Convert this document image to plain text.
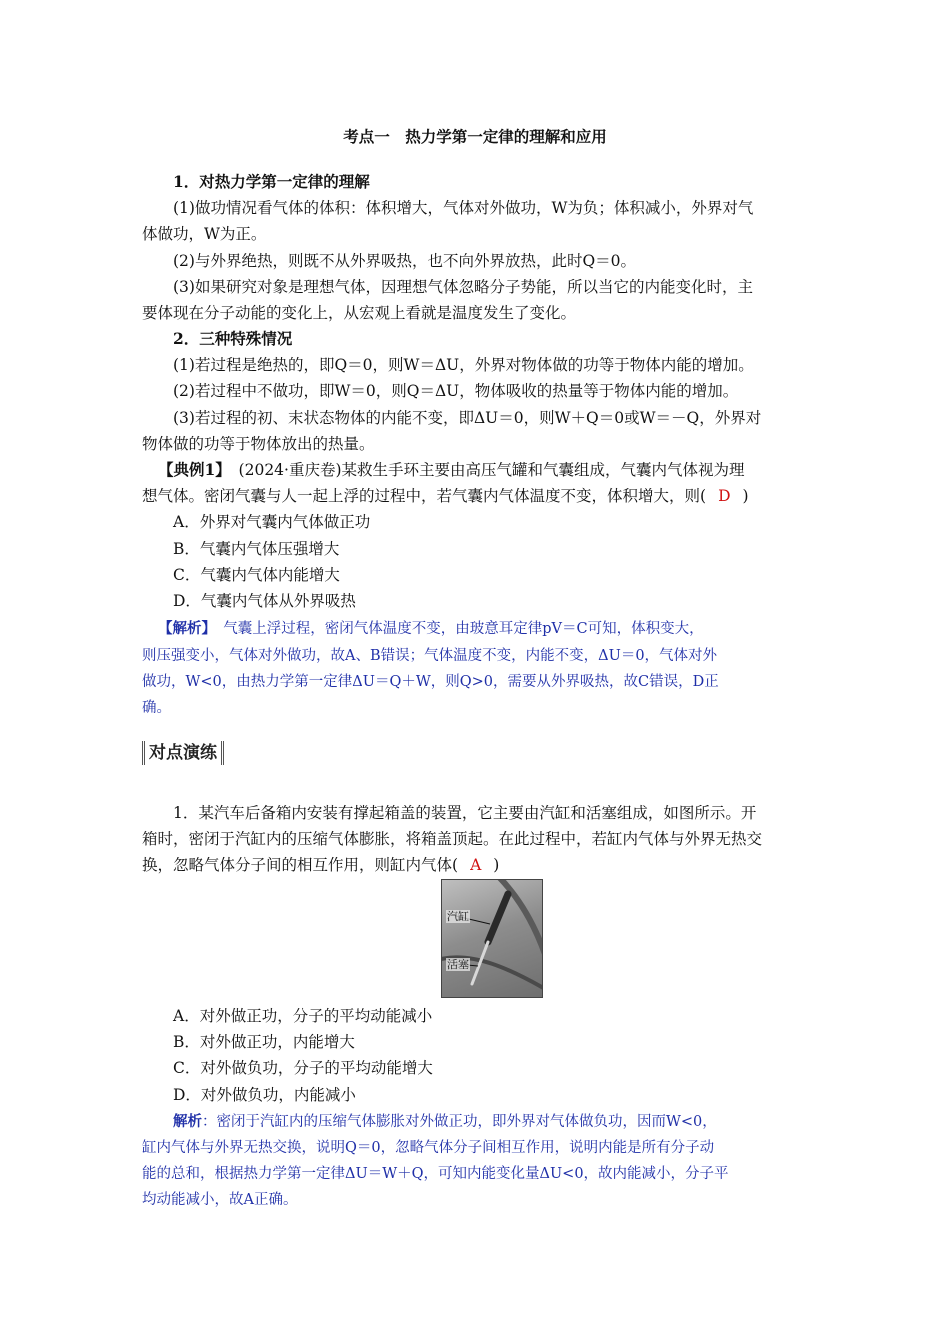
考点一　热力学第一定律的理解和应用
1．对热力学第一定律的理解
(1)做功情况看气体的体积：体积增大，气体对外做功，W为负；体积减小，外界对气
体做功，W为正。
(2)与外界绝热，则既不从外界吸热，也不向外界放热，此时Q＝0。
(3)如果研究对象是理想气体，因理想气体忽略分子势能，所以当它的内能变化时，主
要体现在分子动能的变化上，从宏观上看就是温度发生了变化。
2．三种特殊情况
(1)若过程是绝热的，即Q＝0，则W＝ΔU，外界对物体做的功等于物体内能的增加。
(2)若过程中不做功，即W＝0，则Q＝ΔU，物体吸收的热量等于物体内能的增加。
(3)若过程的初、末状态物体的内能不变，即ΔU＝0，则W＋Q＝0或W＝－Q，外界对
物体做的功等于物体放出的热量。
【典例1】　(2024·重庆卷)某救生手环主要由高压气罐和气囊组成，气囊内气体视为理
想气体。密闭气囊与人一起上浮的过程中，若气囊内气体温度不变，体积增大，则( D )
A．外界对气囊内气体做正功
B．气囊内气体压强增大
C．气囊内气体内能增大
D．气囊内气体从外界吸热
【解析】　气囊上浮过程，密闭气体温度不变，由玻意耳定律pV＝C可知，体积变大，
则压强变小，气体对外做功，故A、B错误；气体温度不变，内能不变，ΔU＝0，气体对外
做功，W<0，由热力学第一定律ΔU＝Q＋W，则Q>0，需要从外界吸热，故C错误，D正
确。
对点演练
1．某汽车后备箱内安装有撑起箱盖的装置，它主要由汽缸和活塞组成，如图所示。开
箱时，密闭于汽缸内的压缩气体膨胀，将箱盖顶起。在此过程中，若缸内气体与外界无热交
换，忽略气体分子间的相互作用，则缸内气体( A )
汽缸
活塞
A．对外做正功，分子的平均动能减小
B．对外做正功，内能增大
C．对外做负功，分子的平均动能增大
D．对外做负功，内能减小
解析：密闭于汽缸内的压缩气体膨胀对外做正功，即外界对气体做负功，因而W<0，
缸内气体与外界无热交换，说明Q＝0，忽略气体分子间相互作用，说明内能是所有分子动
能的总和，根据热力学第一定律ΔU＝W＋Q，可知内能变化量ΔU<0，故内能减小，分子平
均动能减小，故A正确。
